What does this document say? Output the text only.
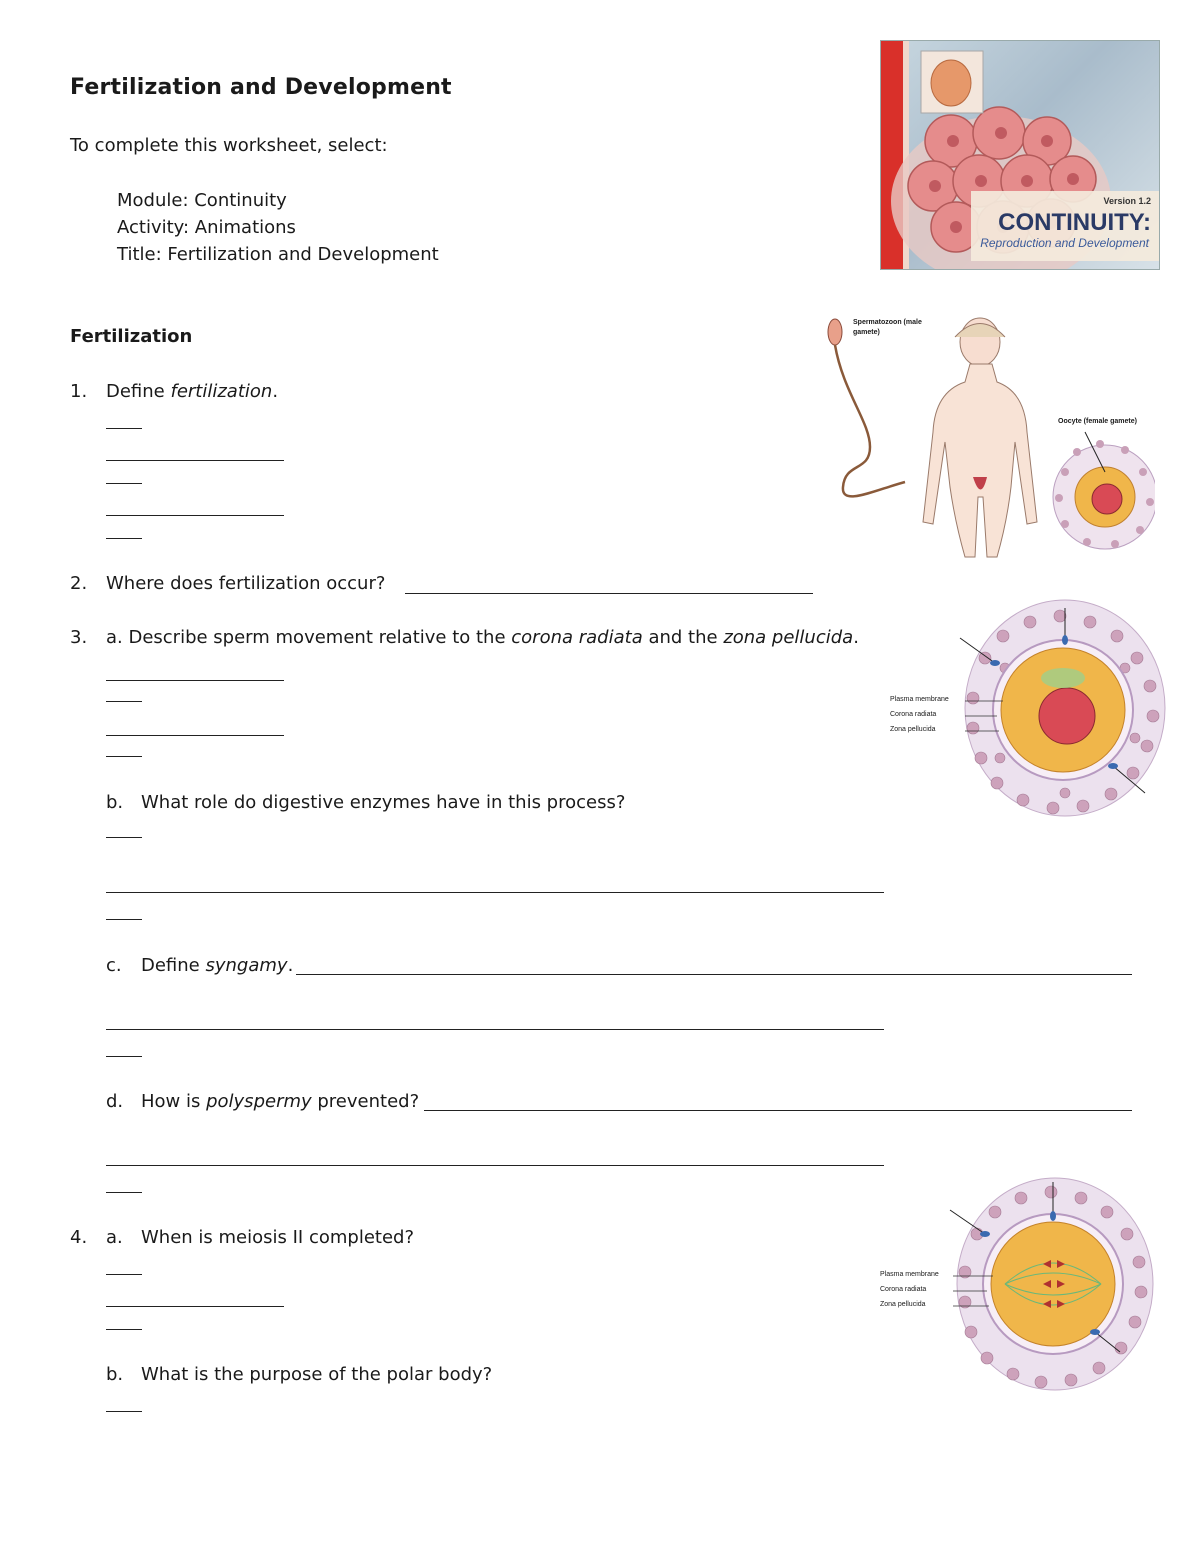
Fertilization and Development
To complete this worksheet, select:
Module: Continuity
Activity: Animations
Title: Fertilization and Development
Version 1.2
CONTINUITY:
Reproduction and Development
Fertilization
1. Define fertilization.
Spermatozoon (male gamete)
Oocyte (female gamete)
2. Where does fertilization occur?
3. a. Describe sperm movement relative to the corona radiata and the zona pellucida.
Plasma membrane
Corona radiata
Zona pellucida
b. What role do digestive enzymes have in this process?
c. Define syngamy.
d. How is polyspermy prevented?
4. a. When is meiosis II completed?
Plasma membrane
Corona radiata
Zona pellucida
b. What is the purpose of the polar body?
